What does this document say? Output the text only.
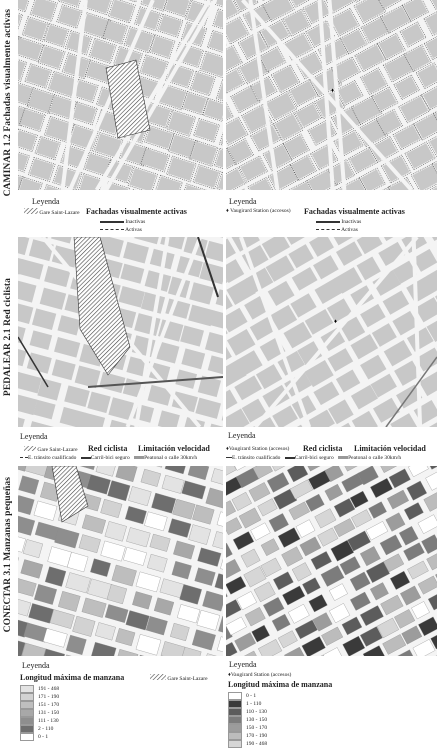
CAMINAR 1.2 Fachadas visualmente activas
PEDALEAR 2.1 Red ciclista
CONECTAR 3.1 Manzanas pequeñas
♦
Leyenda	Leyenda
Gare Saint-Lazare Fachadas visualmente activas
Inactivas
Activas
♦ Vaugirard Station (accesos) Fachadas visualmente activas
Inactivas
Activas
♦
Leyenda	Leyenda
Gare Saint-Lazare Red ciclista Limitación velocidad
E. tránsito cualificado	Carril-bici seguro	Peatonal o calle 30km/h
♦Vaugirard Station (accesos) Red ciclista Limitación velocidad
E. tránsito cualificado	Carril-bici seguro	Peatonal o calle 30km/h
Leyenda
Longitud máxima de manzana	Gare Saint-Lazare
191 - 468
171 - 190
151 - 170
131 - 150
111 - 130
2 - 110
0 - 1
Leyenda
♦Vaugirard Station (accesos)
Longitud máxima de manzana
0 - 1
1 - 110
110 - 130
130 - 150
150 - 170
170 - 190
190 - 468
